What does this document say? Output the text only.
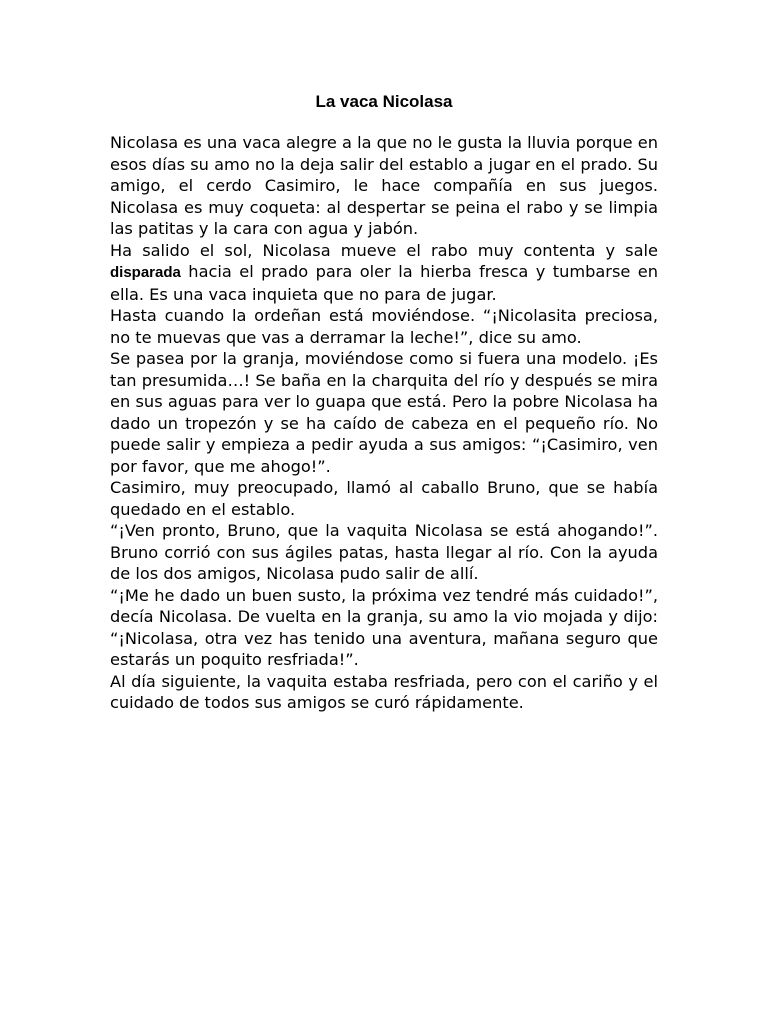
La vaca Nicolasa

Nicolasa es una vaca alegre a la que no le gusta la lluvia porque en esos días su amo no la deja salir del establo a jugar en el prado. Su amigo, el cerdo Casimiro, le hace compañía en sus juegos. Nicolasa es muy coqueta: al despertar se peina el rabo y se limpia las patitas y la cara con agua y jabón.

Ha salido el sol, Nicolasa mueve el rabo muy contenta y sale disparada hacia el prado para oler la hierba fresca y tumbarse en ella. Es una vaca inquieta que no para de jugar.

Hasta cuando la ordeñan está moviéndose. “¡Nicolasita preciosa, no te muevas que vas a derramar la leche!”, dice su amo.

Se pasea por la granja, moviéndose como si fuera una modelo. ¡Es tan presumida…! Se baña en la charquita del río y después se mira en sus aguas para ver lo guapa que está. Pero la pobre Nicolasa ha dado un tropezón y se ha caído de cabeza en el pequeño río. No puede salir y empieza a pedir ayuda a sus amigos: “¡Casimiro, ven por favor, que me ahogo!”.

Casimiro, muy preocupado, llamó al caballo Bruno, que se había quedado en el establo.

“¡Ven pronto, Bruno, que la vaquita Nicolasa se está ahogando!”. Bruno corrió con sus ágiles patas, hasta llegar al río. Con la ayuda de los dos amigos, Nicolasa pudo salir de allí.

“¡Me he dado un buen susto, la próxima vez tendré más cuidado!”, decía Nicolasa. De vuelta en la granja, su amo la vio mojada y dijo: “¡Nicolasa, otra vez has tenido una aventura, mañana seguro que estarás un poquito resfriada!”.

Al día siguiente, la vaquita estaba resfriada, pero con el cariño y el cuidado de todos sus amigos se curó rápidamente.
